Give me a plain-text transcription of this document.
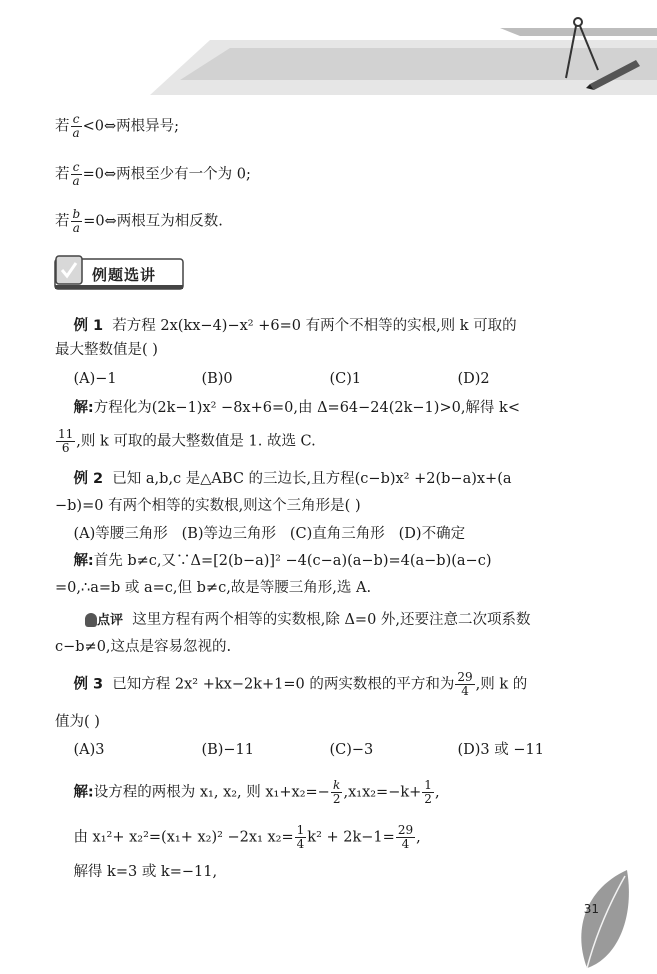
若 $\frac{c}{a}$ <0⇔两根异号;
若 $\frac{c}{a}$ =0⇔两根至少有一个为 0;
若 $\frac{b}{a}$ =0⇔两根互为相反数.
例题选讲
例 1 若方程 2x(kx−4)−x² +6=0 有两个不相等的实根,则 k 可取的
最大整数值是( )
(A)−1	(B)0	(C)1	(D)2
解:方程化为(2k−1)x² −8x+6=0,由 Δ=64−24(2k−1)>0,解得 k<
$\frac{11}{6}$ ,则 k 可取的最大整数值是 1. 故选 C.
例 2 已知 a,b,c 是△ABC 的三边长,且方程(c−b)x² +2(b−a)x+(a
−b)=0 有两个相等的实数根,则这个三角形是( )
(A)等腰三角形 (B)等边三角形 (C)直角三角形 (D)不确定
解:首先 b≠c,又∵Δ=[2(b−a)]² −4(c−a)(a−b)=4(a−b)(a−c)
=0,∴a=b 或 a=c,但 b≠c,故是等腰三角形,选 A.
点评 这里方程有两个相等的实数根,除 Δ=0 外,还要注意二次项系数
c−b≠0,这点是容易忽视的.
例 3 已知方程 2x² +kx−2k+1=0 的两实数根的平方和为 $\frac{29}{4}$ ,则 k 的
值为( )
(A)3	(B)−11	(C)−3	(D)3 或 −11
解:设方程的两根为 x₁, x₂, 则 $x_1+x_2=- \frac{k}{2} ,x_1x_2=-k+ \frac{1}{2}$ ,
由 x₁²+ x₂²=(x₁+ x₂)² −2x₁ $x_2= \frac{1}{4} k^2 + 2k-1= \frac{29}{4}$ ,
解得 k=3 或 k=−11,
31
